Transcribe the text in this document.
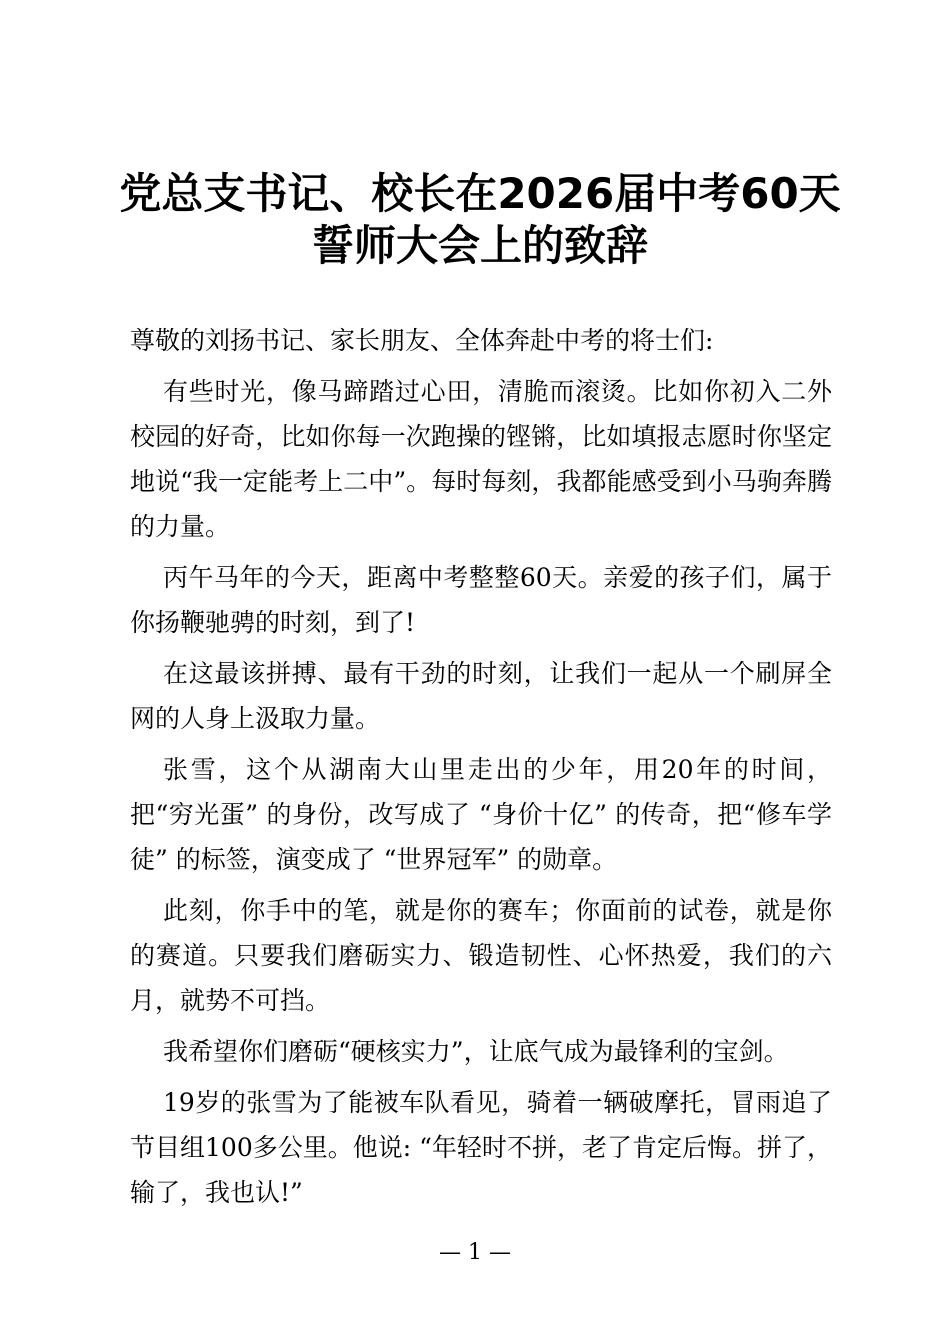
党总支书记、校长在2026届中考60天
誓师大会上的致辞

尊敬的刘扬书记、家长朋友、全体奔赴中考的将士们:

有些时光，像马蹄踏过心田，清脆而滚烫。比如你初入二外校园的好奇，比如你每一次跑操的铿锵，比如填报志愿时你坚定地说“我一定能考上二中”。每时每刻，我都能感受到小马驹奔腾的力量。

丙午马年的今天，距离中考整整60天。亲爱的孩子们，属于你扬鞭驰骋的时刻，到了!

在这最该拼搏、最有干劲的时刻，让我们一起从一个刷屏全网的人身上汲取力量。

张雪，这个从湖南大山里走出的少年，用20年的时间，把“穷光蛋” 的身份，改写成了 “身价十亿” 的传奇，把“修车学徒” 的标签，演变成了 “世界冠军” 的勋章。

此刻，你手中的笔，就是你的赛车；你面前的试卷，就是你的赛道。只要我们磨砺实力、锻造韧性、心怀热爱，我们的六月，就势不可挡。

我希望你们磨砺“硬核实力”，让底气成为最锋利的宝剑。

19岁的张雪为了能被车队看见，骑着一辆破摩托，冒雨追了节目组100多公里。他说: “年轻时不拼，老了肯定后悔。拼了，输了，我也认!”

— 1 —
